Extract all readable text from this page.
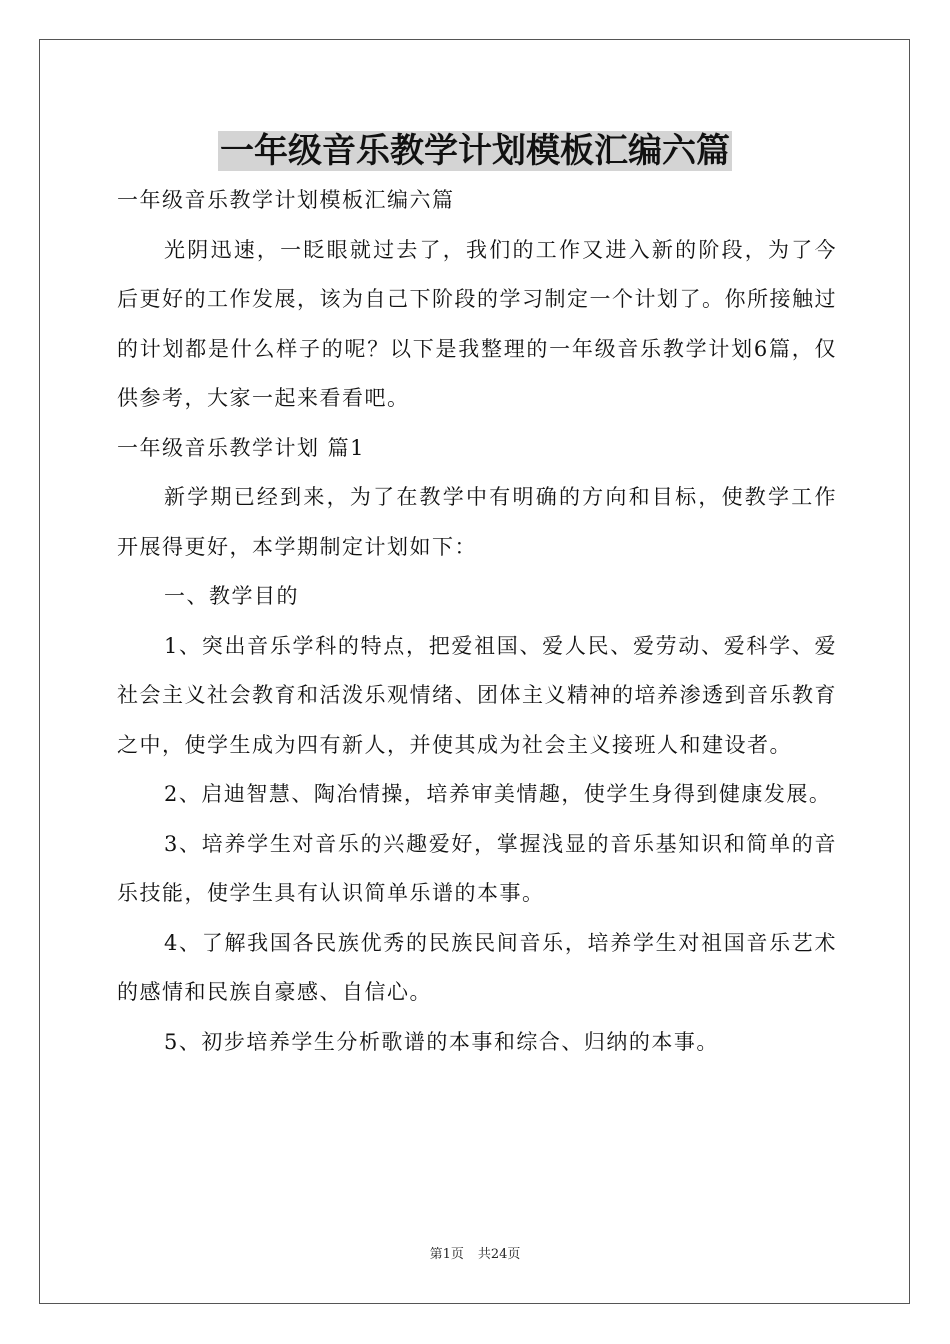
一年级音乐教学计划模板汇编六篇

一年级音乐教学计划模板汇编六篇

光阴迅速，一眨眼就过去了，我们的工作又进入新的阶段，为了今后更好的工作发展，该为自己下阶段的学习制定一个计划了。你所接触过的计划都是什么样子的呢？以下是我整理的一年级音乐教学计划6篇，仅供参考，大家一起来看看吧。

一年级音乐教学计划 篇1

新学期已经到来，为了在教学中有明确的方向和目标，使教学工作开展得更好，本学期制定计划如下：

一、教学目的

1、突出音乐学科的特点，把爱祖国、爱人民、爱劳动、爱科学、爱社会主义社会教育和活泼乐观情绪、团体主义精神的培养渗透到音乐教育之中，使学生成为四有新人，并使其成为社会主义接班人和建设者。

2、启迪智慧、陶冶情操，培养审美情趣，使学生身得到健康发展。

3、培养学生对音乐的兴趣爱好，掌握浅显的音乐基知识和简单的音乐技能，使学生具有认识简单乐谱的本事。

4、了解我国各民族优秀的民族民间音乐，培养学生对祖国音乐艺术的感情和民族自豪感、自信心。

5、初步培养学生分析歌谱的本事和综合、归纳的本事。

第1页 共24页
